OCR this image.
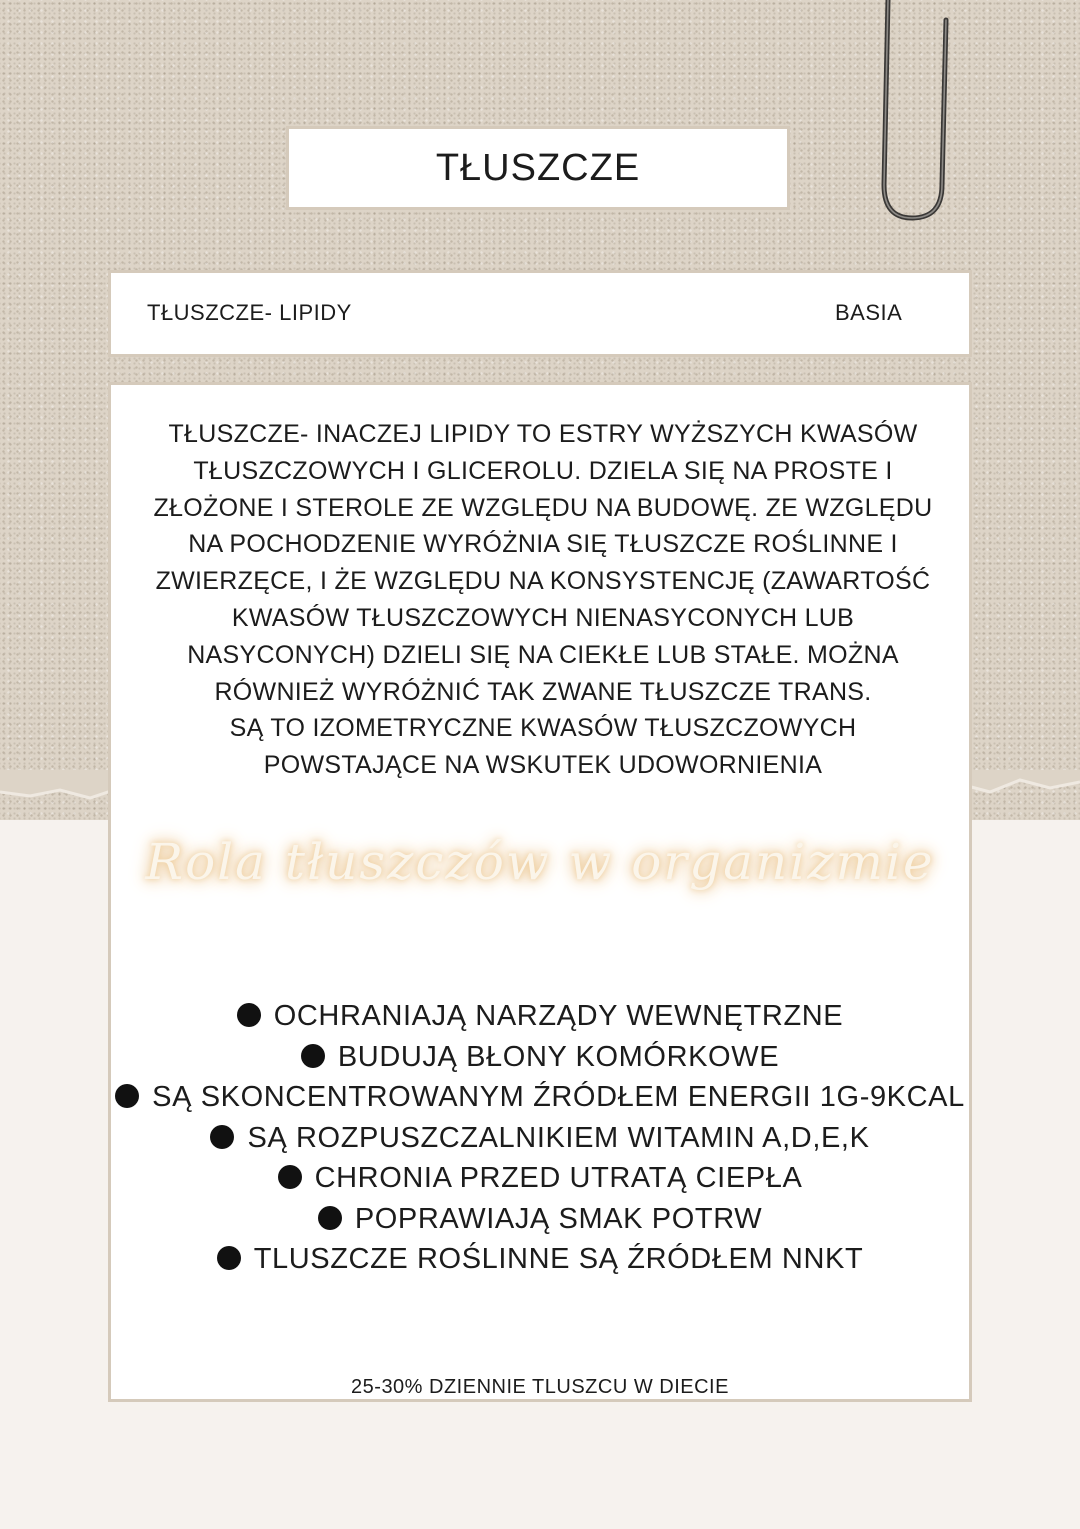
TŁUSZCZE
TŁUSZCZE- LIPIDY	BASIA

TŁUSZCZE- INACZEJ LIPIDY TO ESTRY WYŻSZYCH KWASÓW
TŁUSZCZOWYCH I GLICEROLU. DZIELA SIĘ NA PROSTE I
ZŁOŻONE I STEROLE ZE WZGLĘDU NA BUDOWĘ. ZE WZGLĘDU
NA POCHODZENIE WYRÓŻNIA SIĘ TŁUSZCZE ROŚLINNE I
ZWIERZĘCE, I ŻE WZGLĘDU NA KONSYSTENCJĘ (ZAWARTOŚĆ
KWASÓW TŁUSZCZOWYCH NIENASYCONYCH LUB
NASYCONYCH) DZIELI SIĘ NA CIEKŁE LUB STAŁE. MOŻNA
RÓWNIEŻ WYRÓŻNIĆ TAK ZWANE TŁUSZCZE TRANS.
SĄ TO IZOMETRYCZNE KWASÓW TŁUSZCZOWYCH
POWSTAJĄCE NA WSKUTEK UDOWORNIENIA

Rola tłuszczów w organizmie
OCHRANIAJĄ NARZĄDY WEWNĘTRZNE
BUDUJĄ BŁONY KOMÓRKOWE
SĄ SKONCENTROWANYM ŹRÓDŁEM ENERGII 1G-9KCAL
SĄ ROZPUSZCZALNIKIEM WITAMIN A,D,E,K
CHRONIA PRZED UTRATĄ CIEPŁA
POPRAWIAJĄ SMAK POTRW
TLUSZCZE ROŚLINNE SĄ ŹRÓDŁEM NNKT
25-30% DZIENNIE TLUSZCU W DIECIE
